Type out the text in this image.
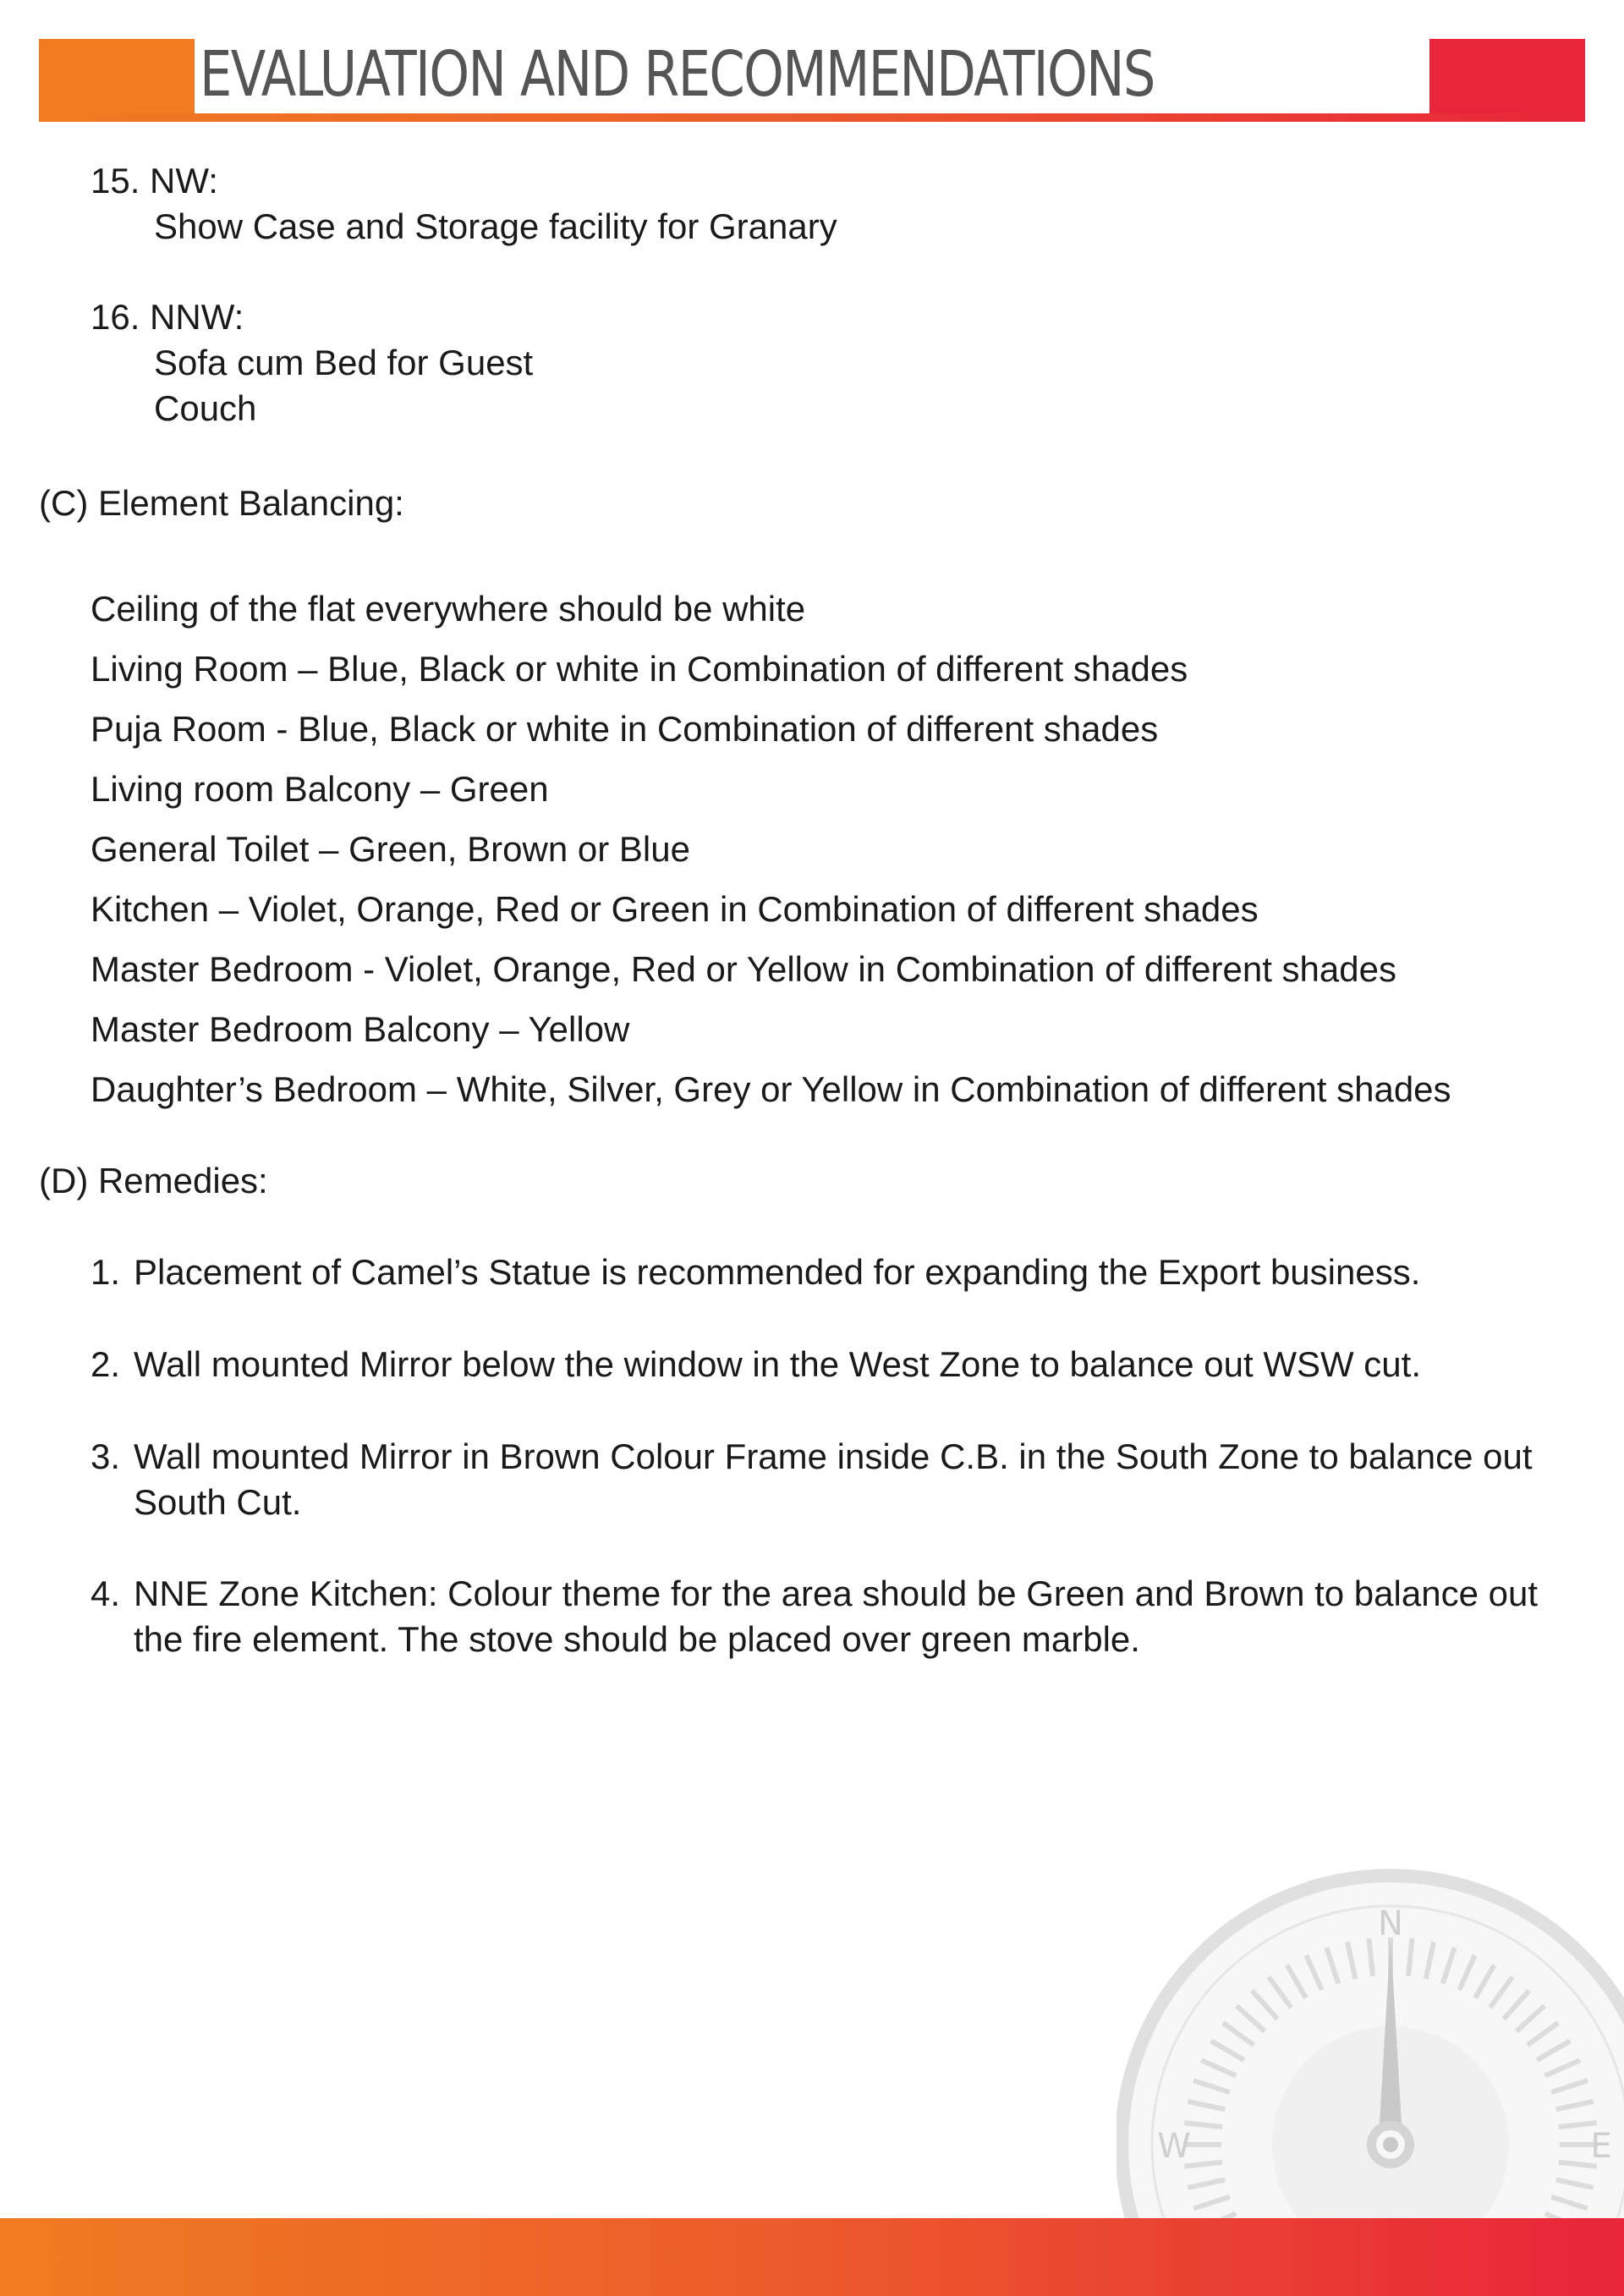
EVALUATION AND RECOMMENDATIONS

15. NW:

Show Case and Storage facility for Granary

16. NNW:

Sofa cum Bed for Guest

Couch

(C) Element Balancing:

Ceiling of the flat everywhere should be white

Living Room – Blue, Black or white in Combination of different shades

Puja Room - Blue, Black or white in Combination of different shades

Living room Balcony – Green

General Toilet – Green, Brown or Blue

Kitchen – Violet, Orange, Red or Green in Combination of different shades

Master Bedroom - Violet, Orange, Red or Yellow in Combination of different shades

Master Bedroom Balcony – Yellow

Daughter’s Bedroom – White, Silver, Grey or Yellow in Combination of different shades

(D) Remedies:

1. Placement of Camel’s Statue is recommended for expanding the Export business.

2. Wall mounted Mirror below the window in the West Zone to balance out WSW cut.

3. Wall mounted Mirror in Brown Colour Frame inside C.B. in the South Zone to balance out South Cut.

4. NNE Zone Kitchen: Colour theme for the area should be Green and Brown to balance out the fire element. The stove should be placed over green marble.

N
W	E
